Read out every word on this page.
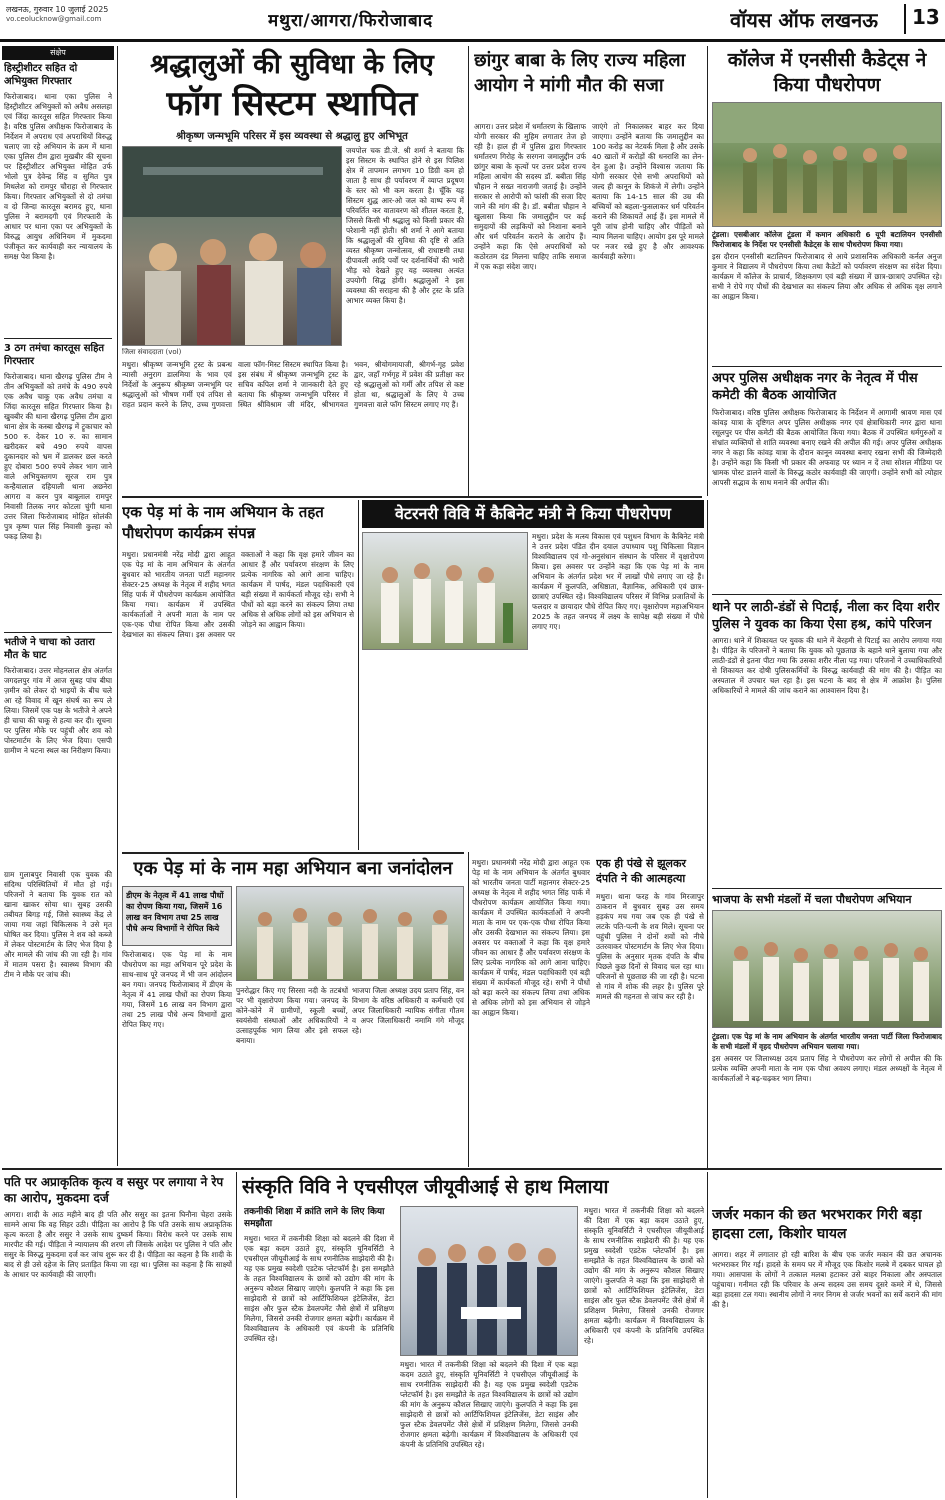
लखनऊ, गुरुवार 10 जुलाई 2025
vo.ceolucknow@gmail.com	मथुरा/आगरा/फिरोजाबाद	वॉयस ऑफ लखनऊ 13
संक्षेप
हिस्ट्रीशीटर सहित दो अभियुक्त गिरफ्तार
फिरोजाबाद। थाना एका पुलिस ने हिस्ट्रीशीटर अभियुक्तों को अवैध असलहा एवं जिंदा कारतूस सहित गिरफ्तार किया है। वरिष्ठ पुलिस अधीक्षक फिरोजाबाद के निर्देशन में अपराध एवं अपराधियों विरुद्ध चलाए जा रहे अभियान के क्रम में थाना एका पुलिस टीम द्वारा मुखबीर की सूचना पर हिस्ट्रीशीटर अभियुक्त मोहित उर्फ भोलो पुत्र देवेन्द्र सिंह व सुमित पुत्र मिथलेश को रामपुर चौराहा से गिरफ्तार किया। गिरफ्तार अभियुक्तों से दो तमंचा व दो जिन्दा कारतूस बरामद हुए, थाना पुलिस ने बरामदगी एवं गिरफ्तारी के आधार पर थाना एका पर अभियुक्तों के विरुद्ध आयुध अधिनियम में मुकदमा पंजीकृत कर कार्यवाही कर न्यायालय के समक्ष पेश किया है।
3 ठग तमंचा कारतूस सहित गिरफ्तार
फिरोजाबाद। थाना खैरगढ़ पुलिस टीम ने तीन अभियुक्तों को तमंचे के 490 रुपये एक अवैध चाकू एक अवैध तमंचा व जिंदा कारतूस सहित गिरफ्तार किया है। खुवबीर की थाना खैरगढ़ पुलिस टीम द्वारा थाना क्षेत्र के कस्बा खैरगढ़ में ट्रूकाचार को 500 रु. देकर 10 रु. का सामान खरीदकर बचे 490 रुपये वापस दुकानदार को भ्रम में डालकर छल करते हुए दोबारा 500 रुपये लेकर भाग जाने वाले अभियुक्तगण सूरज राम पुत्र कन्हैयालाल दहियाली थाना अछनेरा आगरा व करन पुत्र बाबूलाल रामपुर निवासी तिलक नगर कोटला चुंगी थाना उत्तर जिला फिरोजाबाद मोहित सोलंकी पुत्र कृष्ण पाल सिंह निवासी कुल्हा को पकड़ लिया है।
भतीजे ने चाचा को उतारा मौत के घाट
फिरोजाबाद। उत्तर मोहनलाल क्षेत्र अंतर्गत जगदलपुर गांव में आज सुबह पांच बीघा ज़मीन को लेकर दो भाइयों के बीच चले आ रहे विवाद में खून संघर्ष का रूप ले लिया। जिसमें एक पक्ष के भतीजे ने अपने ही चाचा की चाकू से हत्या कर दी। सूचना पर पुलिस मौके पर पहुंची और शव को पोस्टमार्टम के लिए भेज दिया। एसपी ग्रामीण ने घटना स्थल का निरीक्षण किया।
ग्राम गुलाबपुर निवासी एक युवक की संदिग्ध परिस्थितियों में मौत हो गई। परिजनों ने बताया कि युवक रात को खाना खाकर सोया था। सुबह उसकी तबीयत बिगड़ गई, जिसे स्वास्थ्य केंद्र ले जाया गया जहां चिकित्सक ने उसे मृत घोषित कर दिया। पुलिस ने शव को कब्जे में लेकर पोस्टमार्टम के लिए भेज दिया है और मामले की जांच की जा रही है। गांव में मातम पसरा है। स्वास्थ्य विभाग की टीम ने मौके पर जांच की।
श्रद्धालुओं की सुविधा के लिए
फॉग सिस्टम स्थापित
श्रीकृष्ण जन्मभूमि परिसर में इस व्यवस्था से श्रद्धालु हुए अभिभूत
जिला संवाददाता (vol)
जयपोल चक डी.जे. श्री शर्मा ने बताया कि इस सिस्टम के स्थापित होने से इस पिलिश क्षेत्र में तापमान लगभग 10 डिग्री कम हो जाता है साथ ही पर्यावरण में व्याप्त प्रदूषण के स्तर को भी कम करता है। चूँकि यह सिस्टम शुद्ध आर-ओ जल को वाष्प रूप में परिवर्तित कर वातावरण को शीतल करता है, जिससे किसी भी श्रद्धालु को किसी प्रकार की परेशानी नहीं होती। श्री शर्मा ने आगे बताया कि श्रद्धालुओं की सुविधा की दृष्टि से अति व्यस्त श्रीकृष्ण जन्मोत्सव, श्री राधाष्टमी तथा दीपावली आदि पर्वों पर दर्शनार्थियों की भारी भीड़ को देखते हुए यह व्यवस्था अत्यंत उपयोगी सिद्ध होगी। श्रद्धालुओं ने इस व्यवस्था की सराहना की है और ट्रस्ट के प्रति आभार व्यक्त किया है।
मथुरा। श्रीकृष्ण जन्मभूमि ट्रस्ट के प्रबन्ध न्यासी अनुराग डालमिया के भाव एवं निर्देशों के अनुरूप श्रीकृष्ण जन्मभूमि पर श्रद्धालुओं को भीषण गर्मी एवं तपिश से राहत प्रदान करने के लिए, उच्च गुणवत्ता वाला फॉग-मिस्ट सिस्टम स्थापित किया है। इस संबंध में श्रीकृष्ण जन्मभूमि ट्रस्ट के सचिव कपिल शर्मा ने जानकारी देते हुए बताया कि श्रीकृष्ण जन्मभूमि परिसर में स्थित श्रीविश्राम जी मंदिर, श्रीभागवत भवन, श्रीयोगमायाजी, श्रीगर्भ-गृह प्रवेश द्वार, जहाँ गर्भगृह में प्रवेश की प्रतीक्षा कर रहे श्रद्धालुओं को गर्मी और तपिश से कष्ट होता था, श्रद्धालुओं के लिए ये उच्च गुणवत्ता वाले फॉग सिस्टम लगाए गए हैं।
छांगुर बाबा के लिए राज्य महिला आयोग ने मांगी मौत की सजा
आगरा। उत्तर प्रदेश में धर्मांतरण के खिलाफ योगी सरकार की मुहिम लगातार तेज हो रही है। हाल ही में पुलिस द्वारा गिरफ्तार धर्मांतरण गिरोह के सरगना जमालुद्दीन उर्फ छांगुर बाबा के कृत्यों पर उत्तर प्रदेश राज्य महिला आयोग की सदस्य डॉ. बबीता सिंह चौहान ने सख्त नाराजगी जताई है। उन्होंने सरकार से आरोपी को फांसी की सजा दिए जाने की मांग की है। डॉ. बबीता चौहान ने खुलासा किया कि जमालुद्दीन पर कई समुदायों की लड़कियों को निशाना बनाने और धर्म परिवर्तन कराने के आरोप हैं। उन्होंने कहा कि ऐसे अपराधियों को कठोरतम दंड मिलना चाहिए ताकि समाज में एक कड़ा संदेश जाए।
जाएंगे तो निकालकर बाहर कर दिया जाएगा। उन्होंने बताया कि जमालुद्दीन का 100 करोड़ का नेटवर्क मिला है और उसके 40 खातों में करोड़ों की धनराशि का लेन-देन हुआ है। उन्होंने विश्वास जताया कि योगी सरकार ऐसे सभी अपराधियों को जल्द ही कानून के शिकंजे में लेगी। उन्होंने बताया कि 14-15 साल की उम्र की बच्चियों को बहला-फुसलाकर धर्म परिवर्तन कराने की शिकायतें आई हैं। इस मामले में पूरी जांच होनी चाहिए और पीड़ितों को न्याय मिलना चाहिए। आयोग इस पूरे मामले पर नजर रखे हुए है और आवश्यक कार्यवाही करेगा।
कॉलेज में एनसीसी कैडेट्स ने किया पौधरोपण
टूंडला। एसबीआर कॉलेज टूंडला में कमान अधिकारी 6 यूपी बटालियन एनसीसी फिरोजाबाद के निर्देश पर एनसीसी कैडेट्स के साथ पौधरोपण किया गया।
इस दौरान एनसीसी बटालियन फिरोजाबाद से आये प्रशासनिक अधिकारी कर्नल अनुज कुमार ने विद्यालय में पौधरोपण किया तथा कैडेटों को पर्यावरण संरक्षण का संदेश दिया। कार्यक्रम में कॉलेज के प्राचार्य, शिक्षकगण एवं बड़ी संख्या में छात्र-छात्राएं उपस्थित रहे। सभी ने रोपे गए पौधों की देखभाल का संकल्प लिया और अधिक से अधिक वृक्ष लगाने का आह्वान किया।
अपर पुलिस अधीक्षक नगर के नेतृत्व में पीस कमेटी की बैठक आयोजित
फिरोजाबाद। वरिष्ठ पुलिस अधीक्षक फिरोजाबाद के निर्देशन में आगामी श्रावण मास एवं कांवड़ यात्रा के दृष्टिगत अपर पुलिस अधीक्षक नगर एवं क्षेत्राधिकारी नगर द्वारा थाना रसूलपुर पर पीस कमेटी की बैठक आयोजित किया गया। बैठक में उपस्थित धर्मगुरुओं व संभ्रांत व्यक्तियों से शांति व्यवस्था बनाए रखने की अपील की गई। अपर पुलिस अधीक्षक नगर ने कहा कि कांवड़ यात्रा के दौरान कानून व्यवस्था बनाए रखना सभी की जिम्मेदारी है। उन्होंने कहा कि किसी भी प्रकार की अफवाह पर ध्यान न दें तथा सोशल मीडिया पर भ्रामक पोस्ट डालने वालों के विरुद्ध कठोर कार्यवाही की जाएगी। उन्होंने सभी को त्योहार आपसी सद्भाव के साथ मनाने की अपील की।
थाने पर लाठी-डंडों से पिटाई, नीला कर दिया शरीर पुलिस ने युवक का किया ऐसा हश्र, कांपे परिजन
आगरा। थाने में शिकायत पर युवक की थाने में बेरहमी से पिटाई का आरोप लगाया गया है। पीड़ित के परिजनों ने बताया कि युवक को पूछताछ के बहाने थाने बुलाया गया और लाठी-डंडों से इतना पीटा गया कि उसका शरीर नीला पड़ गया। परिजनों ने उच्चाधिकारियों से शिकायत कर दोषी पुलिसकर्मियों के विरुद्ध कार्यवाही की मांग की है। पीड़ित का अस्पताल में उपचार चल रहा है। इस घटना के बाद से क्षेत्र में आक्रोश है। पुलिस अधिकारियों ने मामले की जांच कराने का आश्वासन दिया है।
भाजपा के सभी मंडलों में चला पौधरोपण अभियान
टूंडला। एक पेड़ मां के नाम अभियान के अंतर्गत भारतीय जनता पार्टी जिला फिरोजाबाद के सभी मंडलों में वृहद पौधरोपण अभियान चलाया गया।
इस अवसर पर जिलाध्यक्ष उदय प्रताप सिंह ने पौधरोपण कर लोगों से अपील की कि प्रत्येक व्यक्ति अपनी माता के नाम एक पौधा अवश्य लगाए। मंडल अध्यक्षों के नेतृत्व में कार्यकर्ताओं ने बढ़-चढ़कर भाग लिया।
एक पेड़ मां के नाम अभियान के तहत पौधरोपण कार्यक्रम संपन्न
मथुरा। प्रधानमंत्री नरेंद्र मोदी द्वारा आहूत एक पेड़ मां के नाम अभियान के अंतर्गत बुधवार को भारतीय जनता पार्टी महानगर सेक्टर-25 अध्यक्ष के नेतृत्व में शहीद भगत सिंह पार्क में पौधरोपण कार्यक्रम आयोजित किया गया। कार्यक्रम में उपस्थित कार्यकर्ताओं ने अपनी माता के नाम पर एक-एक पौधा रोपित किया और उसकी देखभाल का संकल्प लिया। इस अवसर पर वक्ताओं ने कहा कि वृक्ष हमारे जीवन का आधार हैं और पर्यावरण संरक्षण के लिए प्रत्येक नागरिक को आगे आना चाहिए। कार्यक्रम में पार्षद, मंडल पदाधिकारी एवं बड़ी संख्या में कार्यकर्ता मौजूद रहे। सभी ने पौधों को बड़ा करने का संकल्प लिया तथा अधिक से अधिक लोगों को इस अभियान से जोड़ने का आह्वान किया।
वेटरनरी विवि में कैबिनेट मंत्री ने किया पौधरोपण
मथुरा। प्रदेश के मत्स्य विकास एवं पशुधन विभाग के कैबिनेट मंत्री ने उत्तर प्रदेश पंडित दीन दयाल उपाध्याय पशु चिकित्सा विज्ञान विश्वविद्यालय एवं गो-अनुसंधान संस्थान के परिसर में वृक्षारोपण किया। इस अवसर पर उन्होंने कहा कि एक पेड़ मां के नाम अभियान के अंतर्गत प्रदेश भर में लाखों पौधे लगाए जा रहे हैं। कार्यक्रम में कुलपति, अधिष्ठाता, वैज्ञानिक, अधिकारी एवं छात्र-छात्राएं उपस्थित रहे। विश्वविद्यालय परिसर में विभिन्न प्रजातियों के फलदार व छायादार पौधे रोपित किए गए। वृक्षारोपण महाअभियान 2025 के तहत जनपद में लक्ष्य के सापेक्ष बड़ी संख्या में पौधे लगाए गए।
एक पेड़ मां के नाम महा अभियान बना जनांदोलन
डीएम के नेतृत्व में 41 लाख पौधों का रोपण किया गया, जिसमें 16 लाख वन विभाग तथा 25 लाख पौधे अन्य विभागों ने रोपित किये
फिरोजाबाद। एक पेड़ मां के नाम पौधरोपण का महा अभियान पूरे प्रदेश के साथ-साथ पूरे जनपद में भी जन आंदोलन बन गया। जनपद फिरोजाबाद में डीएम के नेतृत्व में 41 लाख पौधों का रोपण किया गया, जिसमें 16 लाख वन विभाग द्वारा तथा 25 लाख पौधे अन्य विभागों द्वारा रोपित किए गए।
पुनरोद्धार किए गए सिरसा नदी के तटबंधों पर भी वृक्षारोपण किया गया। जनपद के कोने-कोने में ग्रामीणों, स्कूली बच्चों, स्वयंसेवी संस्थाओं और अधिकारियों ने उत्साहपूर्वक भाग लिया और इसे सफल बनाया।
भाजपा जिला अध्यक्ष उदय प्रताप सिंह, वन विभाग के वरिष्ठ अधिकारी व कर्मचारी एवं अपर जिलाधिकारी न्यायिक संगीता गौतम व अपर जिलाधिकारी नमामि गंगे मौजूद रहे।
मथुरा। प्रधानमंत्री नरेंद्र मोदी द्वारा आहूत एक पेड़ मां के नाम अभियान के अंतर्गत बुधवार को भारतीय जनता पार्टी महानगर सेक्टर-25 अध्यक्ष के नेतृत्व में शहीद भगत सिंह पार्क में पौधरोपण कार्यक्रम आयोजित किया गया। कार्यक्रम में उपस्थित कार्यकर्ताओं ने अपनी माता के नाम पर एक-एक पौधा रोपित किया और उसकी देखभाल का संकल्प लिया। इस अवसर पर वक्ताओं ने कहा कि वृक्ष हमारे जीवन का आधार हैं और पर्यावरण संरक्षण के लिए प्रत्येक नागरिक को आगे आना चाहिए। कार्यक्रम में पार्षद, मंडल पदाधिकारी एवं बड़ी संख्या में कार्यकर्ता मौजूद रहे। सभी ने पौधों को बड़ा करने का संकल्प लिया तथा अधिक से अधिक लोगों को इस अभियान से जोड़ने का आह्वान किया।
एक ही पंखे से झूलकर दंपति ने की आत्महत्या
मथुरा। थाना फरह के गांव मिरजापुर ठाकरान में बुधवार सुबह उस समय हड़कंप मच गया जब एक ही पंखे से लटके पति-पत्नी के शव मिले। सूचना पर पहुंची पुलिस ने दोनों शवों को नीचे उतरवाकर पोस्टमार्टम के लिए भेज दिया। पुलिस के अनुसार मृतक दंपति के बीच पिछले कुछ दिनों से विवाद चल रहा था। परिजनों से पूछताछ की जा रही है। घटना से गांव में शोक की लहर है। पुलिस पूरे मामले की गहनता से जांच कर रही है।
पति पर अप्राकृतिक कृत्य व ससुर पर लगाया ने रेप का आरोप, मुकदमा दर्ज
आगरा। शादी के आठ महीने बाद ही पति और ससुर का इतना घिनौना चेहरा उसके सामने आया कि वह सिहर उठी। पीड़िता का आरोप है कि पति उसके साथ अप्राकृतिक कृत्य करता है और ससुर ने उसके साथ दुष्कर्म किया। विरोध करने पर उसके साथ मारपीट की गई। पीड़िता ने न्यायालय की शरण ली जिसके आदेश पर पुलिस ने पति और ससुर के विरुद्ध मुकदमा दर्ज कर जांच शुरू कर दी है। पीड़िता का कहना है कि शादी के बाद से ही उसे दहेज के लिए प्रताड़ित किया जा रहा था। पुलिस का कहना है कि साक्ष्यों के आधार पर कार्यवाही की जाएगी।
संस्कृति विवि ने एचसीएल जीयूवीआई से हाथ मिलाया
तकनीकी शिक्षा में क्रांति लाने के लिए किया समझौता
मथुरा। भारत में तकनीकी शिक्षा को बदलने की दिशा में एक बड़ा कदम उठाते हुए, संस्कृति यूनिवर्सिटी ने एचसीएल जीयूवीआई के साथ रणनीतिक साझेदारी की है। यह एक प्रमुख स्वदेशी एडटेक प्लेटफॉर्म है। इस समझौते के तहत विश्वविद्यालय के छात्रों को उद्योग की मांग के अनुरूप कौशल सिखाए जाएंगे। कुलपति ने कहा कि इस साझेदारी से छात्रों को आर्टिफिशियल इंटेलिजेंस, डेटा साइंस और फुल स्टैक डेवलपमेंट जैसे क्षेत्रों में प्रशिक्षण मिलेगा, जिससे उनकी रोजगार क्षमता बढ़ेगी। कार्यक्रम में विश्वविद्यालय के अधिकारी एवं कंपनी के प्रतिनिधि उपस्थित रहे।
मथुरा। भारत में तकनीकी शिक्षा को बदलने की दिशा में एक बड़ा कदम उठाते हुए, संस्कृति यूनिवर्सिटी ने एचसीएल जीयूवीआई के साथ रणनीतिक साझेदारी की है। यह एक प्रमुख स्वदेशी एडटेक प्लेटफॉर्म है। इस समझौते के तहत विश्वविद्यालय के छात्रों को उद्योग की मांग के अनुरूप कौशल सिखाए जाएंगे। कुलपति ने कहा कि इस साझेदारी से छात्रों को आर्टिफिशियल इंटेलिजेंस, डेटा साइंस और फुल स्टैक डेवलपमेंट जैसे क्षेत्रों में प्रशिक्षण मिलेगा, जिससे उनकी रोजगार क्षमता बढ़ेगी। कार्यक्रम में विश्वविद्यालय के अधिकारी एवं कंपनी के प्रतिनिधि उपस्थित रहे।
मथुरा। भारत में तकनीकी शिक्षा को बदलने की दिशा में एक बड़ा कदम उठाते हुए, संस्कृति यूनिवर्सिटी ने एचसीएल जीयूवीआई के साथ रणनीतिक साझेदारी की है। यह एक प्रमुख स्वदेशी एडटेक प्लेटफॉर्म है। इस समझौते के तहत विश्वविद्यालय के छात्रों को उद्योग की मांग के अनुरूप कौशल सिखाए जाएंगे। कुलपति ने कहा कि इस साझेदारी से छात्रों को आर्टिफिशियल इंटेलिजेंस, डेटा साइंस और फुल स्टैक डेवलपमेंट जैसे क्षेत्रों में प्रशिक्षण मिलेगा, जिससे उनकी रोजगार क्षमता बढ़ेगी। कार्यक्रम में विश्वविद्यालय के अधिकारी एवं कंपनी के प्रतिनिधि उपस्थित रहे।
जर्जर मकान की छत भरभराकर गिरी बड़ा हादसा टला, किशोर घायल
आगरा। शहर में लगातार हो रही बारिश के बीच एक जर्जर मकान की छत अचानक भरभराकर गिर गई। हादसे के समय घर में मौजूद एक किशोर मलबे में दबकर घायल हो गया। आसपास के लोगों ने तत्काल मलबा हटाकर उसे बाहर निकाला और अस्पताल पहुंचाया। गनीमत रही कि परिवार के अन्य सदस्य उस समय दूसरे कमरे में थे, जिससे बड़ा हादसा टल गया। स्थानीय लोगों ने नगर निगम से जर्जर भवनों का सर्वे कराने की मांग की है।
